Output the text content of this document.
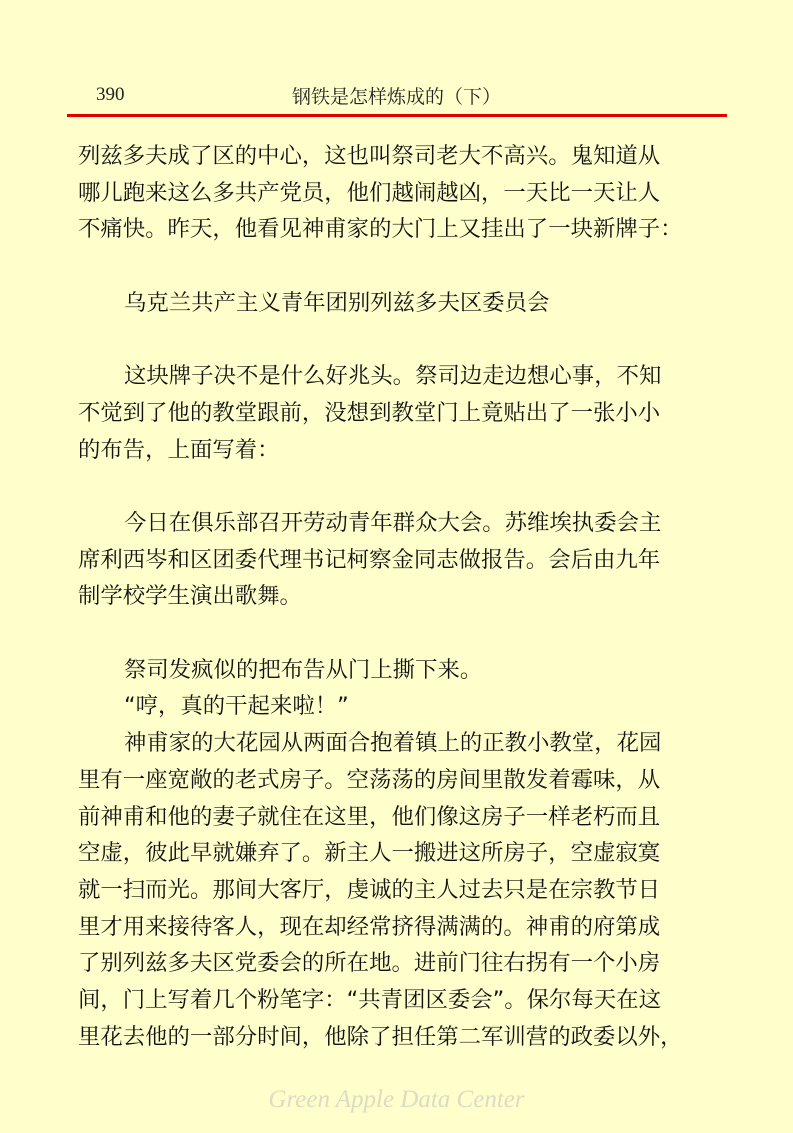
390	钢铁是怎样炼成的（下）

列兹多夫成了区的中心，这也叫祭司老大不高兴。鬼知道从

哪儿跑来这么多共产党员，他们越闹越凶，一天比一天让人

不痛快。昨天，他看见神甫家的大门上又挂出了一块新牌子：

乌克兰共产主义青年团别列兹多夫区委员会

这块牌子决不是什么好兆头。祭司边走边想心事，不知

不觉到了他的教堂跟前，没想到教堂门上竟贴出了一张小小

的布告，上面写着：

今日在俱乐部召开劳动青年群众大会。苏维埃执委会主

席利西岑和区团委代理书记柯察金同志做报告。会后由九年

制学校学生演出歌舞。

祭司发疯似的把布告从门上撕下来。

“哼，真的干起来啦！”

神甫家的大花园从两面合抱着镇上的正教小教堂，花园

里有一座宽敞的老式房子。空荡荡的房间里散发着霉味，从

前神甫和他的妻子就住在这里，他们像这房子一样老朽而且

空虚，彼此早就嫌弃了。新主人一搬进这所房子，空虚寂寞

就一扫而光。那间大客厅，虔诚的主人过去只是在宗教节日

里才用来接待客人，现在却经常挤得满满的。神甫的府第成

了别列兹多夫区党委会的所在地。进前门往右拐有一个小房

间，门上写着几个粉笔字：“共青团区委会”。保尔每天在这

里花去他的一部分时间，他除了担任第二军训营的政委以外，

Green Apple Data Center
